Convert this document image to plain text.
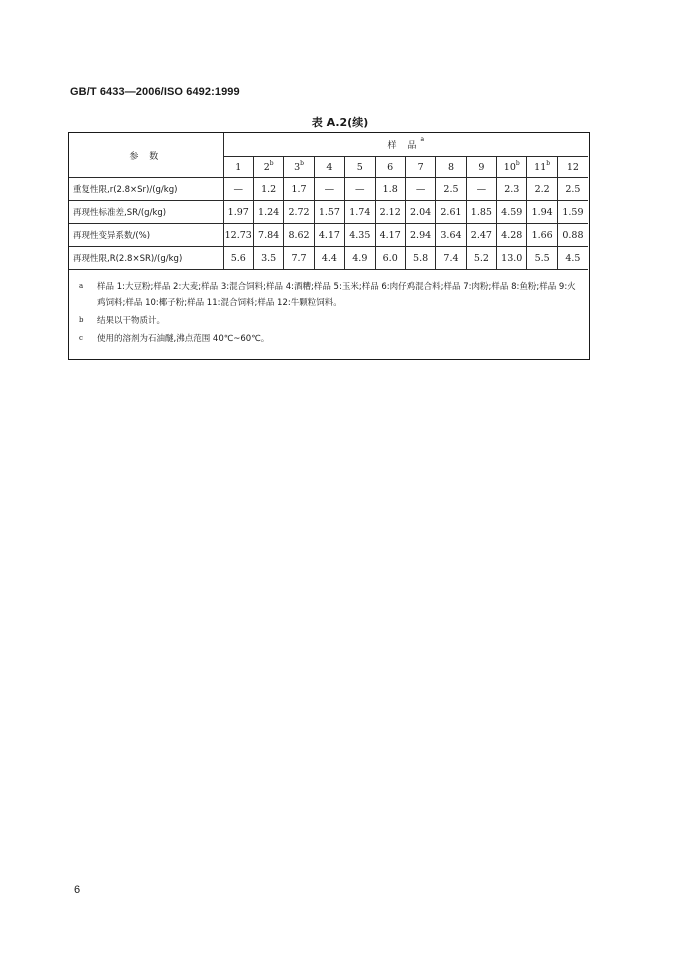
GB/T 6433—2006/ISO 6492:1999
表 A.2(续)
参 数	样 品$^a$
	1	2$^b$	3$^b$	4	5	6	7	8	9	10$^b$	11$^b$	12
重复性限,r(2.8×Sr)/(g/kg)	—	1.2	1.7	—	—	1.8	—	2.5	—	2.3	2.2	2.5
再现性标准差,SR/(g/kg)	1.97	1.24	2.72	1.57	1.74	2.12	2.04	2.61	1.85	4.59	1.94	1.59
再现性变异系数/(%)	12.73	7.84	8.62	4.17	4.35	4.17	2.94	3.64	2.47	4.28	1.66	0.88
再现性限,R(2.8×SR)/(g/kg)	5.6	3.5	7.7	4.4	4.9	6.0	5.8	7.4	5.2	13.0	5.5	4.5
a 样品 1:大豆粉;样品 2:大麦;样品 3:混合饲料;样品 4:酒糟;样品 5:玉米;样品 6:肉仔鸡混合料;样品 7:肉粉;样品 8:鱼粉;样品 9:火鸡饲料;样品 10:椰子粉;样品 11:混合饲料;样品 12:牛颗粒饲料。
b 结果以干物质计。
c 使用的溶剂为石油醚,沸点范围 40℃~60℃。
6
